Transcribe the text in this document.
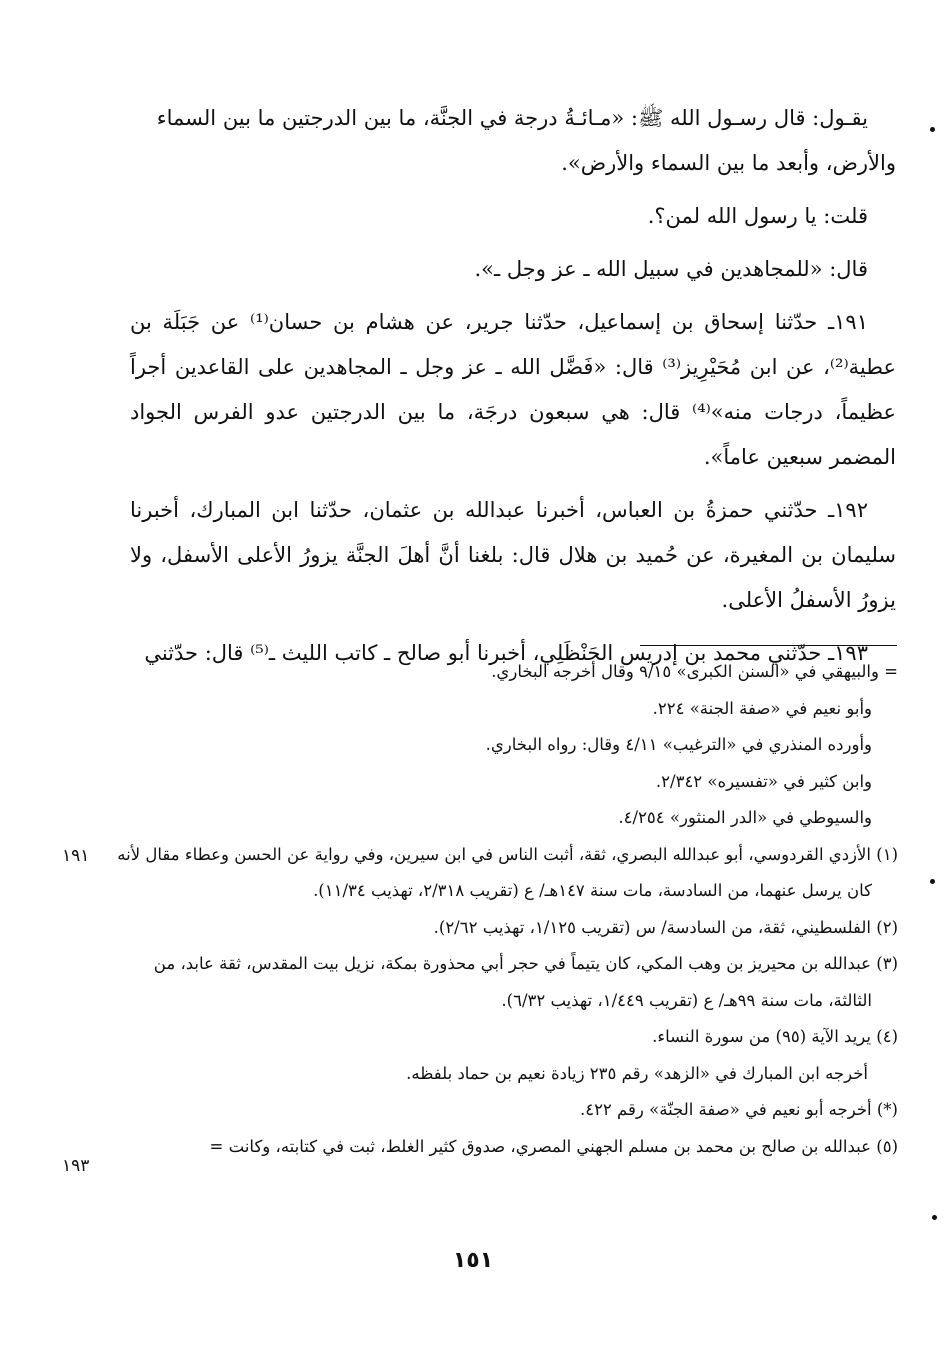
يقـول: قال رسـول الله ﷺ: «مـائـةُ درجة في الجنَّة، ما بين الدرجتين ما بين السماء

والأرض، وأبعد ما بين السماء والأرض».

قلت: يا رسول الله لمن؟.

قال: «للمجاهدين في سبيل الله ـ عز وجل ـ».

١٩١ـ حدّثنا إسحاق بن إسماعيل، حدّثنا جرير، عن هشام بن حسان⁽¹⁾ عن جَبَلَة بن عطية⁽²⁾، عن ابن مُحَيْرِيز⁽³⁾ قال: «فَضَّل الله ـ عز وجل ـ المجاهدين على القاعدين أجراً عظيماً، درجات منه»⁽⁴⁾ قال: هي سبعون درجَة، ما بين الدرجتين عدو الفرس الجواد المضمر سبعين عاماً».

١٩٢ـ حدّثني حمزةُ بن العباس، أخبرنا عبدالله بن عثمان، حدّثنا ابن المبارك، أخبرنا سليمان بن المغيرة، عن حُميد بن هلال قال: بلغنا أنَّ أهلَ الجنَّة يزورُ الأعلى الأسفل، ولا يزورُ الأسفلُ الأعلى.

١٩٣ـ حدّثني محمد بن إدريس الحَنْظَلِي، أخبرنا أبو صالح ـ كاتب الليث ـ⁽⁵⁾ قال: حدّثني

= والبيهقي في «السنن الكبرى» ٩/١٥ وقال أخرجه البخاري.

وأبو نعيم في «صفة الجنة» ٢٢٤.

وأورده المنذري في «الترغيب» ٤/١١ وقال: رواه البخاري.

وابن كثير في «تفسيره» ٢/٣٤٢.

والسيوطي في «الدر المنثور» ٤/٢٥٤.

(١) الأزدي القردوسي، أبو عبدالله البصري، ثقة، أثبت الناس في ابن سيرين، وفي رواية عن الحسن وعطاء مقال لأنه كان يرسل عنهما، من السادسة، مات سنة ١٤٧هـ/ ع (تقريب ٢/٣١٨، تهذيب ١١/٣٤).

(٢) الفلسطيني، ثقة، من السادسة/ س (تقريب ١/١٢٥، تهذيب ٢/٦٢).

(٣) عبدالله بن محيريز بن وهب المكي، كان يتيماً في حجر أبي محذورة بمكة، نزيل بيت المقدس، ثقة عابد، من الثالثة، مات سنة ٩٩هـ/ ع (تقريب ١/٤٤٩، تهذيب ٦/٣٢).

(٤) يريد الآية (٩٥) من سورة النساء.

أخرجه ابن المبارك في «الزهد» رقم ٢٣٥ زيادة نعيم بن حماد بلفظه.

(*) أخرجه أبو نعيم في «صفة الجنّة» رقم ٤٢٢.

(٥) عبدالله بن صالح بن محمد بن مسلم الجهني المصري، صدوق كثير الغلط، ثبت في كتابته، وكانت =

١٩١
١٩٣
١٥١
